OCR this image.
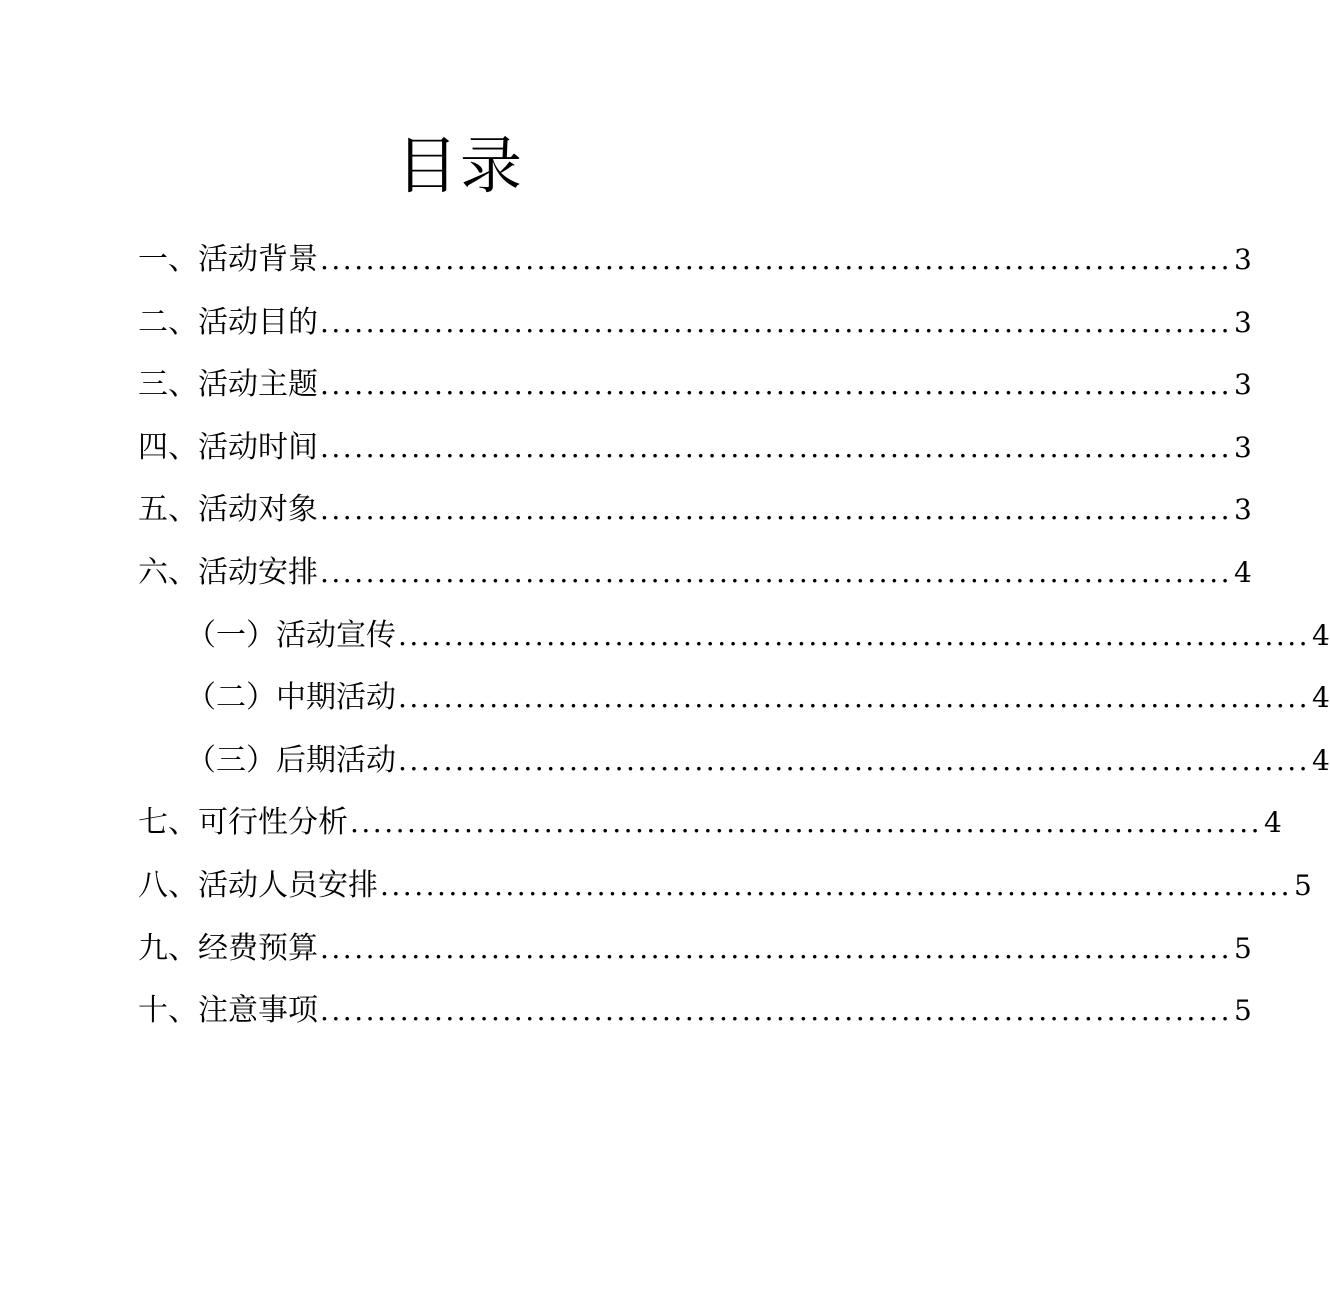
目录
一、活动背景 ................................................................................ 3
二、活动目的 ................................................................................ 3
三、活动主题 ................................................................................ 3
四、活动时间 ................................................................................ 3
五、活动对象 ................................................................................ 3
六、活动安排 ................................................................................ 4
（一）活动宣传 ................................................................................ 4
（二）中期活动 ................................................................................ 4
（三）后期活动 ................................................................................ 4
七、可行性分析 ................................................................................ 4
八、活动人员安排 ................................................................................ 5
九、经费预算 ................................................................................ 5
十、注意事项 ................................................................................ 5
